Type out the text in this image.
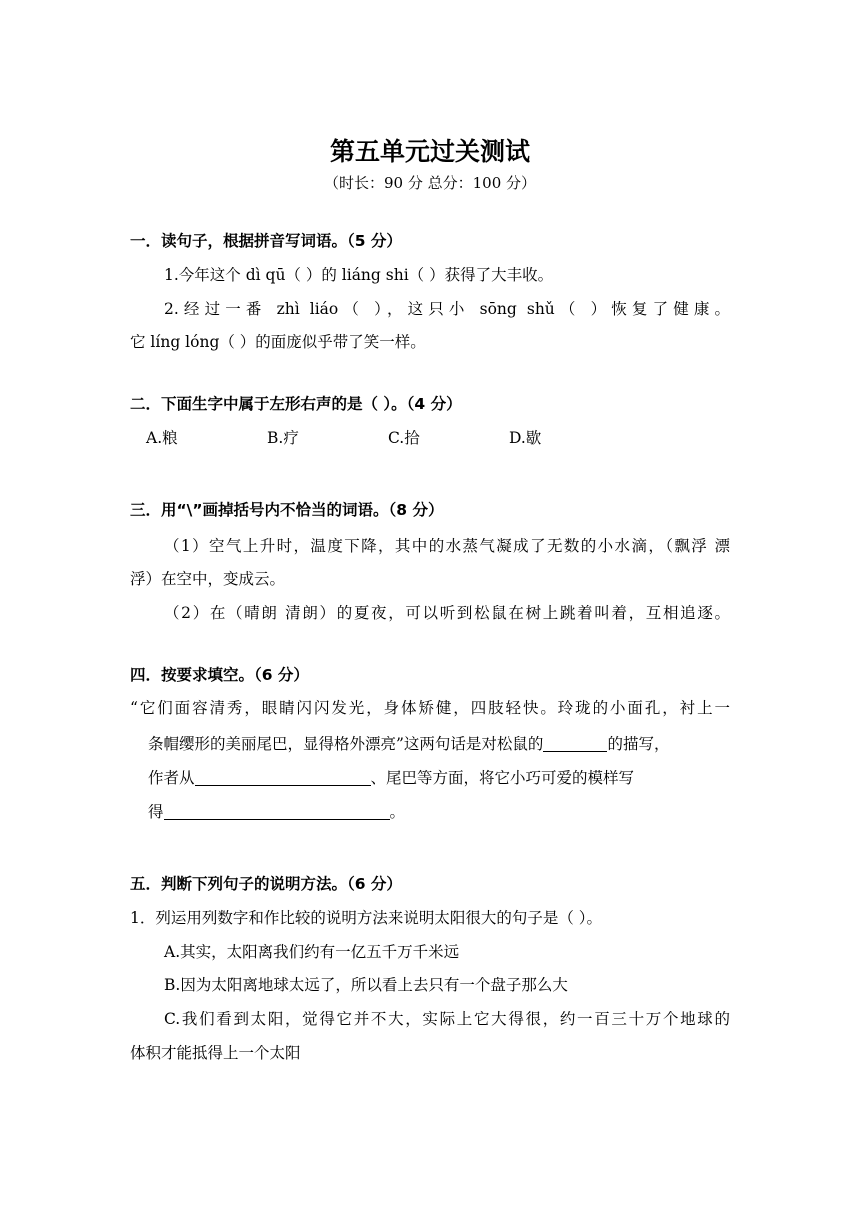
第五单元过关测试
（时长：90 分 总分：100 分）
一．读句子，根据拼音写词语。（5 分）
1.今年这个 dì qū（ ）的 liáng shi（ ）获得了大丰收。
2.经过一番 zhì liáo（ ），这只小 sōng shǔ（ ）恢复了健康。
它 líng lóng（ ）的面庞似乎带了笑一样。
二．下面生字中属于左形右声的是（ ）。（4 分）
A.粮	B.疗	C.拾	D.歇
三．用“\”画掉括号内不恰当的词语。（8 分）
（1）空气上升时，温度下降，其中的水蒸气凝成了无数的小水滴，（飘浮 漂
浮）在空中，变成云。
（2）在（晴朗 清朗）的夏夜，可以听到松鼠在树上跳着叫着，互相追逐。
四．按要求填空。（6 分）
“它们面容清秀，眼睛闪闪发光，身体矫健，四肢轻快。玲珑的小面孔，衬上一
条帽缨形的美丽尾巴，显得格外漂亮”这两句话是对松鼠的	的描写，
作者从	、尾巴等方面，将它小巧可爱的模样写
得	。
五．判断下列句子的说明方法。（6 分）
1．列运用列数字和作比较的说明方法来说明太阳很大的句子是（ ）。
A.其实，太阳离我们约有一亿五千万千米远
B.因为太阳离地球太远了，所以看上去只有一个盘子那么大
C.我们看到太阳，觉得它并不大，实际上它大得很，约一百三十万个地球的
体积才能抵得上一个太阳
